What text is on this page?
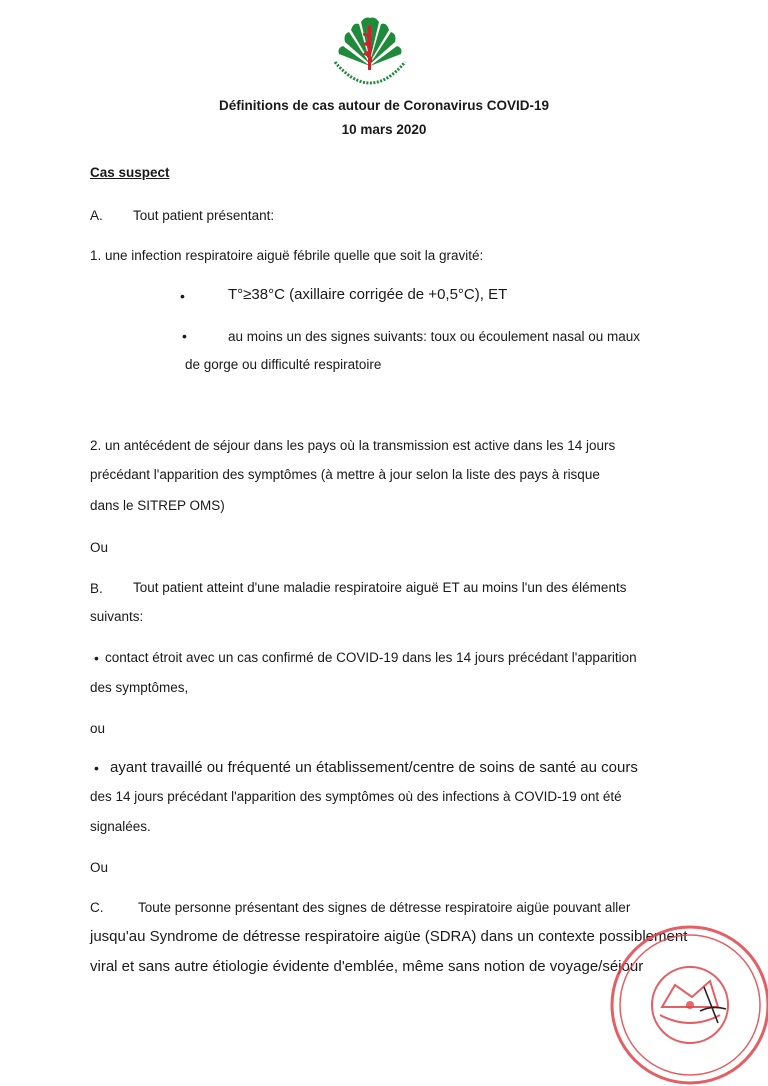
Définitions de cas autour de Coronavirus COVID-19
10 mars 2020
Cas suspect
A. Tout patient présentant:
1. une infection respiratoire aiguë fébrile quelle que soit la gravité:
•	T°≥38°C (axillaire corrigée de +0,5°C), ET
•	au moins un des signes suivants: toux ou écoulement nasal ou maux
de gorge ou difficulté respiratoire
2. un antécédent de séjour dans les pays où la transmission est active dans les 14 jours
précédant l'apparition des symptômes (à mettre à jour selon la liste des pays à risque
dans le SITREP OMS)
Ou
B. Tout patient atteint d'une maladie respiratoire aiguë ET au moins l'un des éléments
suivants:
• contact étroit avec un cas confirmé de COVID-19 dans les 14 jours précédant l'apparition
des symptômes,
ou
• ayant travaillé ou fréquenté un établissement/centre de soins de santé au cours
des 14 jours précédant l'apparition des symptômes où des infections à COVID-19 ont été
signalées.
Ou
C.	Toute personne présentant des signes de détresse respiratoire aigüe pouvant aller
jusqu'au Syndrome de détresse respiratoire aigüe (SDRA) dans un contexte possiblement
viral et sans autre étiologie évidente d'emblée, même sans notion de voyage/séjour
